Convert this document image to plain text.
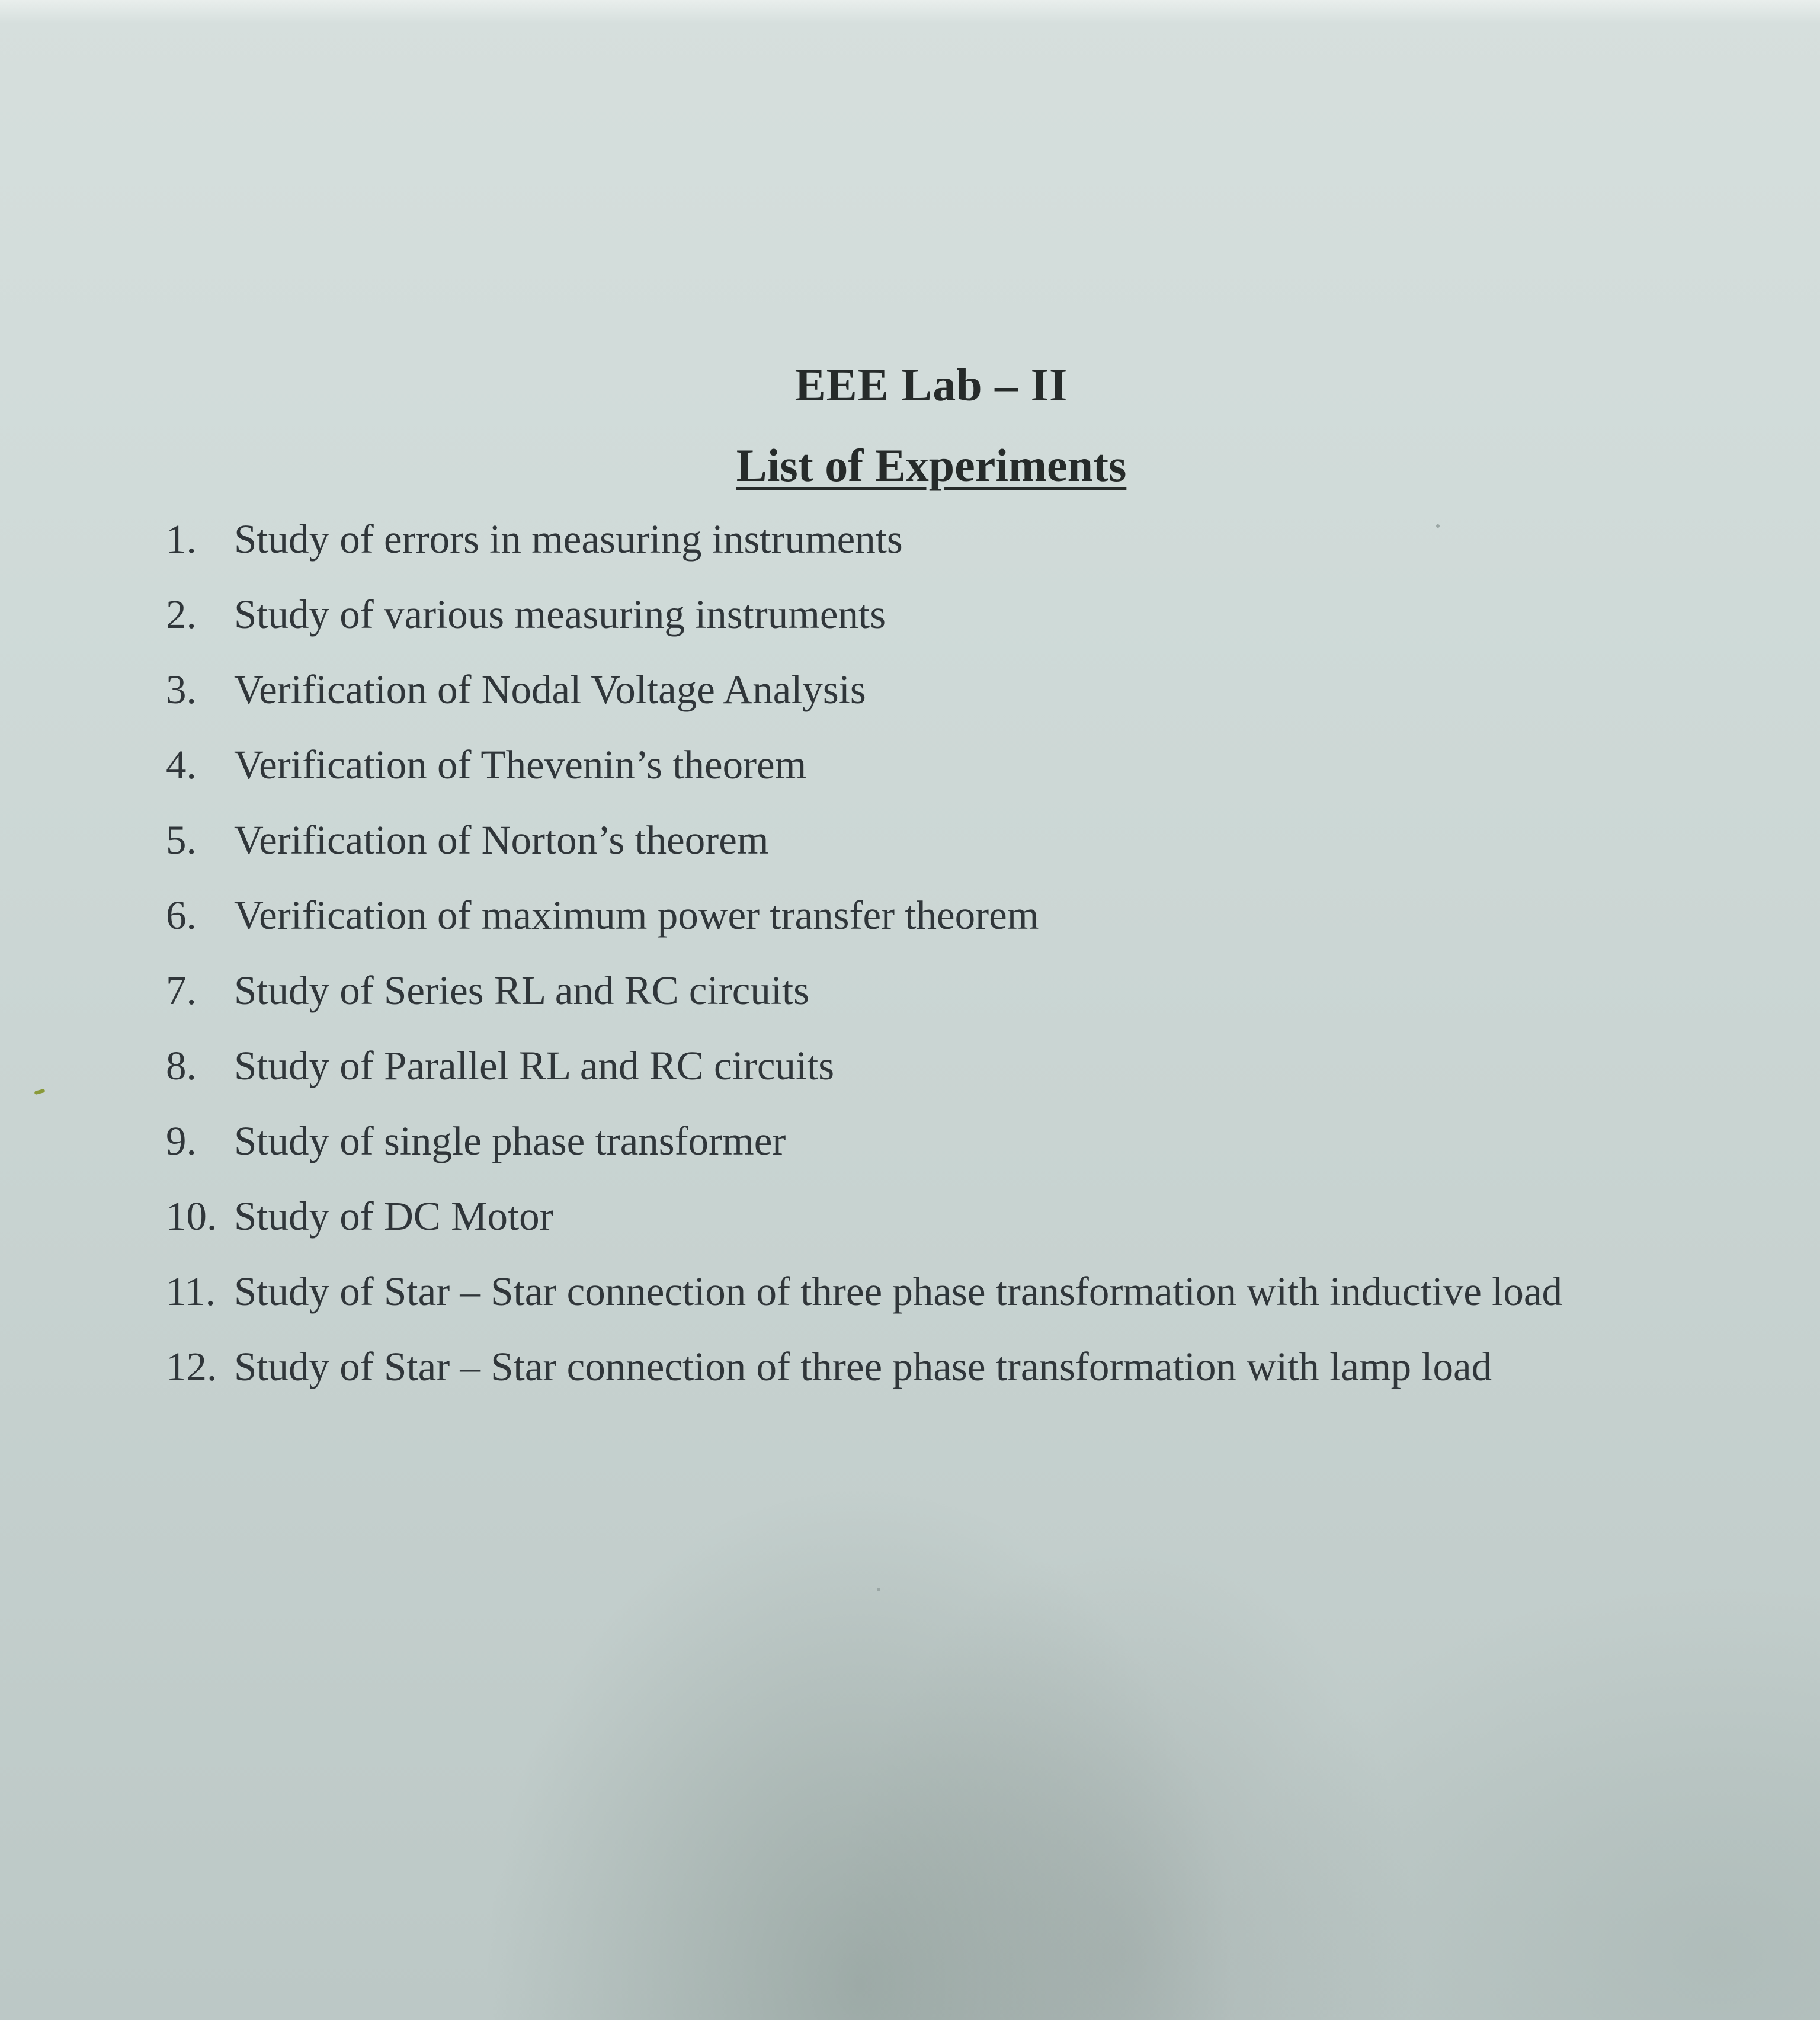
EEE Lab – II
List of Experiments
1. Study of errors in measuring instruments
2. Study of various measuring instruments
3. Verification of Nodal Voltage Analysis
4. Verification of Thevenin’s theorem
5. Verification of Norton’s theorem
6. Verification of maximum power transfer theorem
7. Study of Series RL and RC circuits
8. Study of Parallel RL and RC circuits
9. Study of single phase transformer
10. Study of DC Motor
11. Study of Star – Star connection of three phase transformation with inductive load
12. Study of Star – Star connection of three phase transformation with lamp load
